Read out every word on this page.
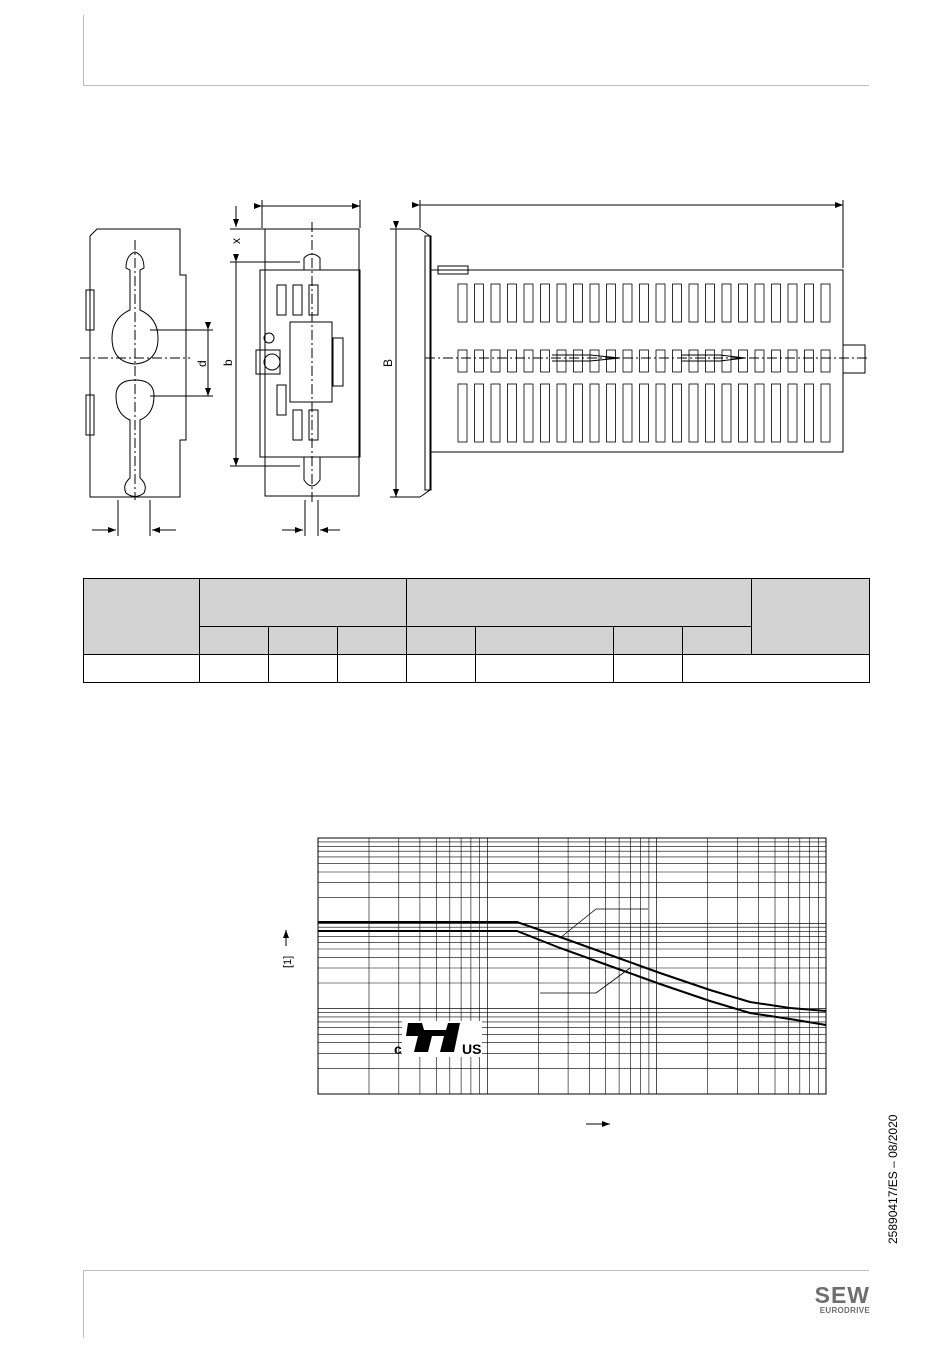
x
b
d	B

[1]
c	US
®
25890417/ES – 08/2020
SEW
EURODRIVE
